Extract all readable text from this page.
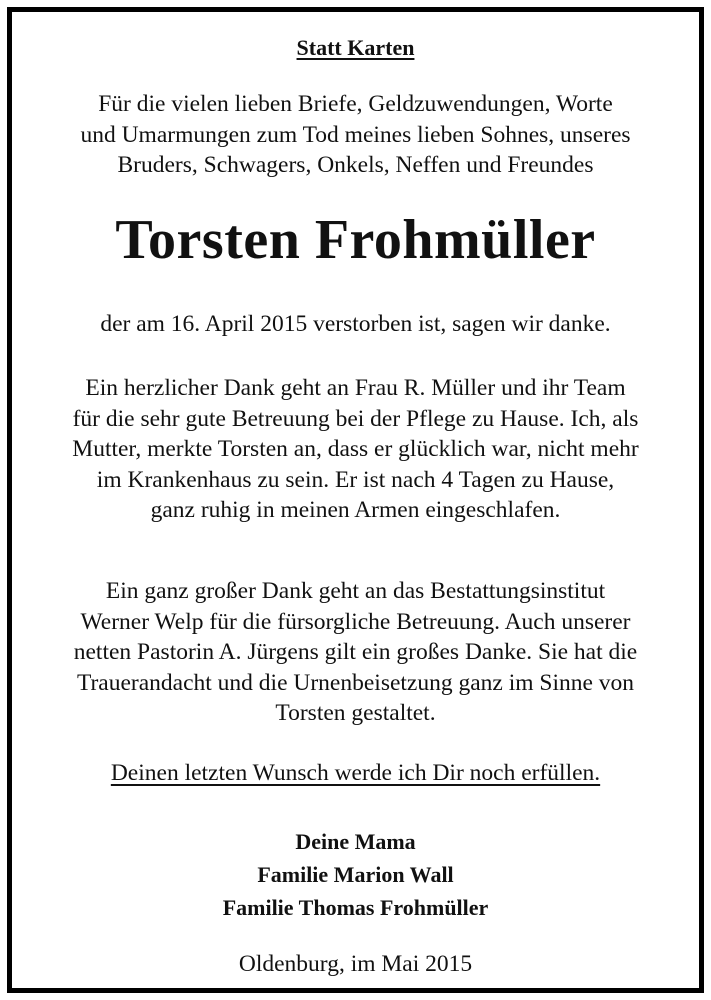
Statt Karten
Für die vielen lieben Briefe, Geldzuwendungen, Worte
und Umarmungen zum Tod meines lieben Sohnes, unseres
Bruders, Schwagers, Onkels, Neffen und Freundes
Torsten Frohmüller
der am 16. April 2015 verstorben ist, sagen wir danke.
Ein herzlicher Dank geht an Frau R. Müller und ihr Team
für die sehr gute Betreuung bei der Pflege zu Hause. Ich, als
Mutter, merkte Torsten an, dass er glücklich war, nicht mehr
im Krankenhaus zu sein. Er ist nach 4 Tagen zu Hause,
ganz ruhig in meinen Armen eingeschlafen.
Ein ganz großer Dank geht an das Bestattungsinstitut
Werner Welp für die fürsorgliche Betreuung. Auch unserer
netten Pastorin A. Jürgens gilt ein großes Danke. Sie hat die
Trauerandacht und die Urnenbeisetzung ganz im Sinne von
Torsten gestaltet.
Deinen letzten Wunsch werde ich Dir noch erfüllen.
Deine Mama
Familie Marion Wall
Familie Thomas Frohmüller
Oldenburg, im Mai 2015
